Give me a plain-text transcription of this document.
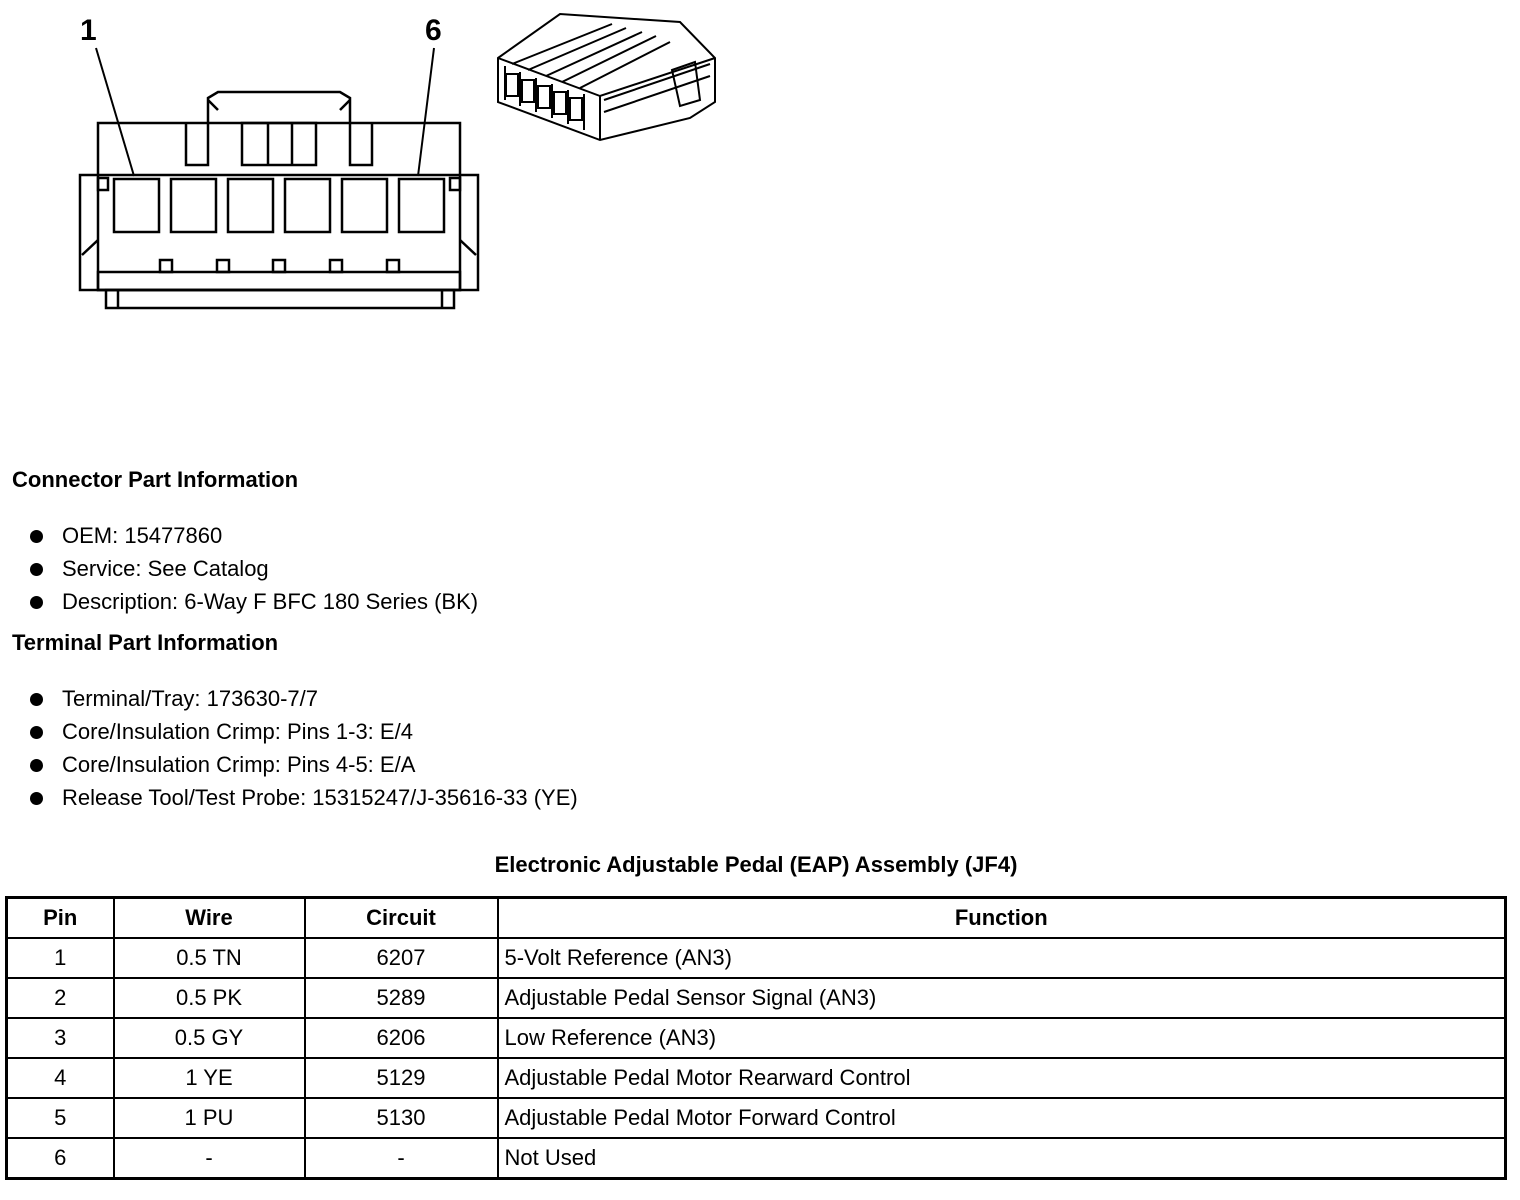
1	6
Connector Part Information
OEM: 15477860
Service: See Catalog
Description: 6-Way F BFC 180 Series (BK)
Terminal Part Information
Terminal/Tray: 173630-7/7
Core/Insulation Crimp: Pins 1-3: E/4
Core/Insulation Crimp: Pins 4-5: E/A
Release Tool/Test Probe: 15315247/J-35616-33 (YE)
Electronic Adjustable Pedal (EAP) Assembly (JF4)
Pin	Wire	Circuit	Function
1	0.5 TN	6207	5-Volt Reference (AN3)
2	0.5 PK	5289	Adjustable Pedal Sensor Signal (AN3)
3	0.5 GY	6206	Low Reference (AN3)
4	1 YE	5129	Adjustable Pedal Motor Rearward Control
5	1 PU	5130	Adjustable Pedal Motor Forward Control
6	-	-	Not Used
